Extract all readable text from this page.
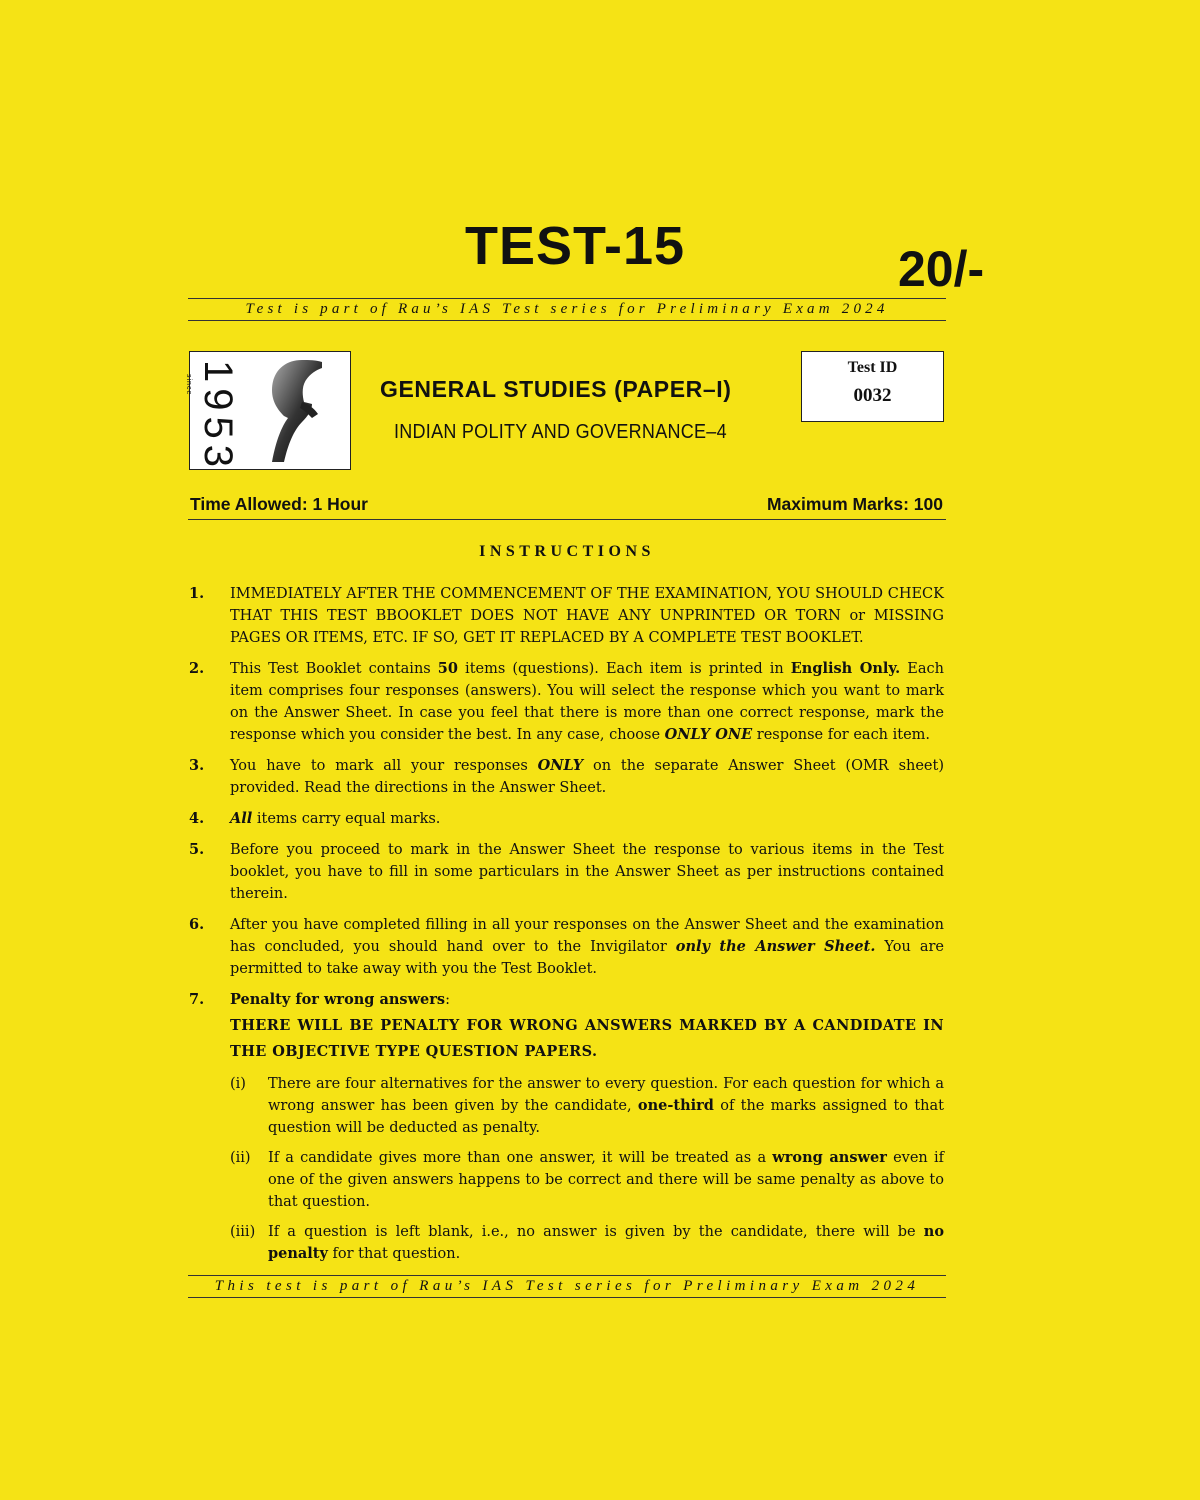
TEST-15	20/-
Test is part of Rau’s IAS Test series for Preliminary Exam 2024
since 1953	GENERAL STUDIES (PAPER–I)
INDIAN POLITY AND GOVERNANCE–4
Test ID
0032
Time Allowed: 1 Hour	Maximum Marks: 100
INSTRUCTIONS
1.	IMMEDIATELY AFTER THE COMMENCEMENT OF THE EXAMINATION, YOU SHOULD CHECK THAT THIS TEST BBOOKLET DOES NOT HAVE ANY UNPRINTED OR TORN or MISSING PAGES OR ITEMS, ETC. IF SO, GET IT REPLACED BY A COMPLETE TEST BOOKLET.
2.	This Test Booklet contains 50 items (questions). Each item is printed in English Only. Each item comprises four responses (answers). You will select the response which you want to mark on the Answer Sheet. In case you feel that there is more than one correct response, mark the response which you consider the best. In any case, choose ONLY ONE response for each item.
3.	You have to mark all your responses ONLY on the separate Answer Sheet (OMR sheet) provided. Read the directions in the Answer Sheet.
4.	All items carry equal marks.
5.	Before you proceed to mark in the Answer Sheet the response to various items in the Test booklet, you have to fill in some particulars in the Answer Sheet as per instructions contained therein.
6.	After you have completed filling in all your responses on the Answer Sheet and the examination has concluded, you should hand over to the Invigilator only the Answer Sheet. You are permitted to take away with you the Test Booklet.
7.	Penalty for wrong answers:
THERE WILL BE PENALTY FOR WRONG ANSWERS MARKED BY A CANDIDATE IN THE OBJECTIVE TYPE QUESTION PAPERS.
(i)	There are four alternatives for the answer to every question. For each question for which a wrong answer has been given by the candidate, one-third of the marks assigned to that question will be deducted as penalty.
(ii)	If a candidate gives more than one answer, it will be treated as a wrong answer even if one of the given answers happens to be correct and there will be same penalty as above to that question.
(iii) If a question is left blank, i.e., no answer is given by the candidate, there will be no penalty for that question.
This test is part of Rau’s IAS Test series for Preliminary Exam 2024
